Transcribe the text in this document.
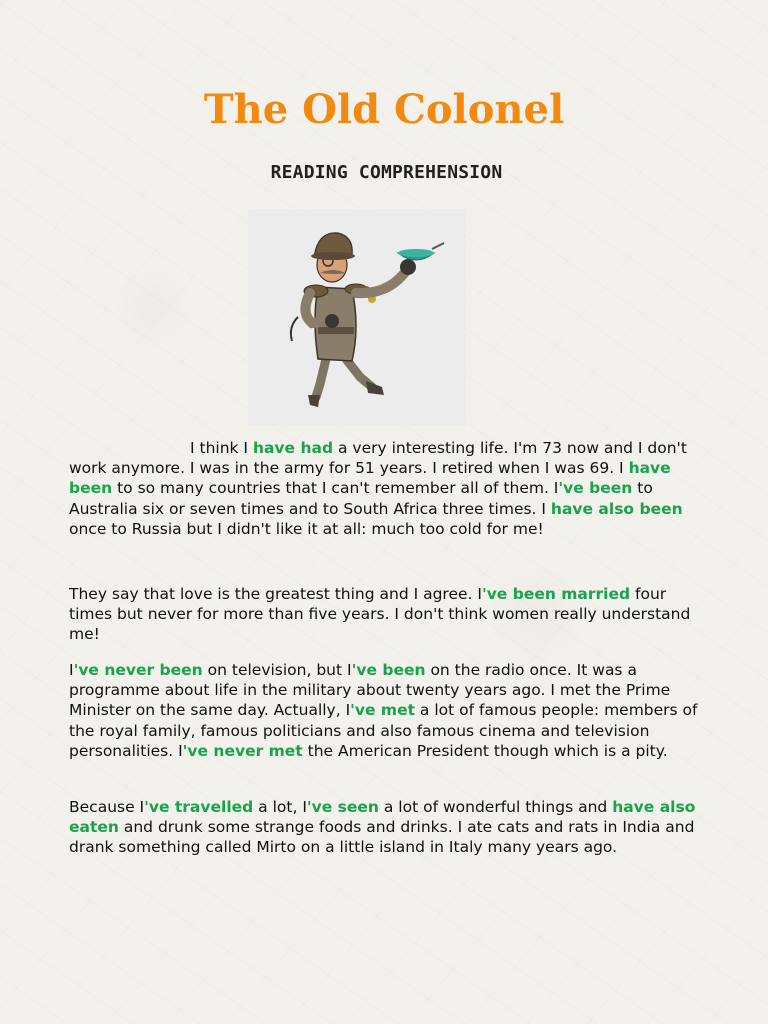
The Old Colonel
READING COMPREHENSION

I think I have had a very interesting life. I'm 73 now and I don't work anymore. I was in the army for 51 years. I retired when I was 69. I have been to so many countries that I can't remember all of them. I've been to Australia six or seven times and to South Africa three times. I have also been once to Russia but I didn't like it at all: much too cold for me!

They say that love is the greatest thing and I agree. I've been married four times but never for more than five years. I don't think women really understand me!

I've never been on television, but I've been on the radio once. It was a programme about life in the military about twenty years ago. I met the Prime Minister on the same day. Actually, I've met a lot of famous people: members of the royal family, famous politicians and also famous cinema and television personalities. I've never met the American President though which is a pity.

Because I've travelled a lot, I've seen a lot of wonderful things and have also eaten and drunk some strange foods and drinks. I ate cats and rats in India and drank something called Mirto on a little island in Italy many years ago.
